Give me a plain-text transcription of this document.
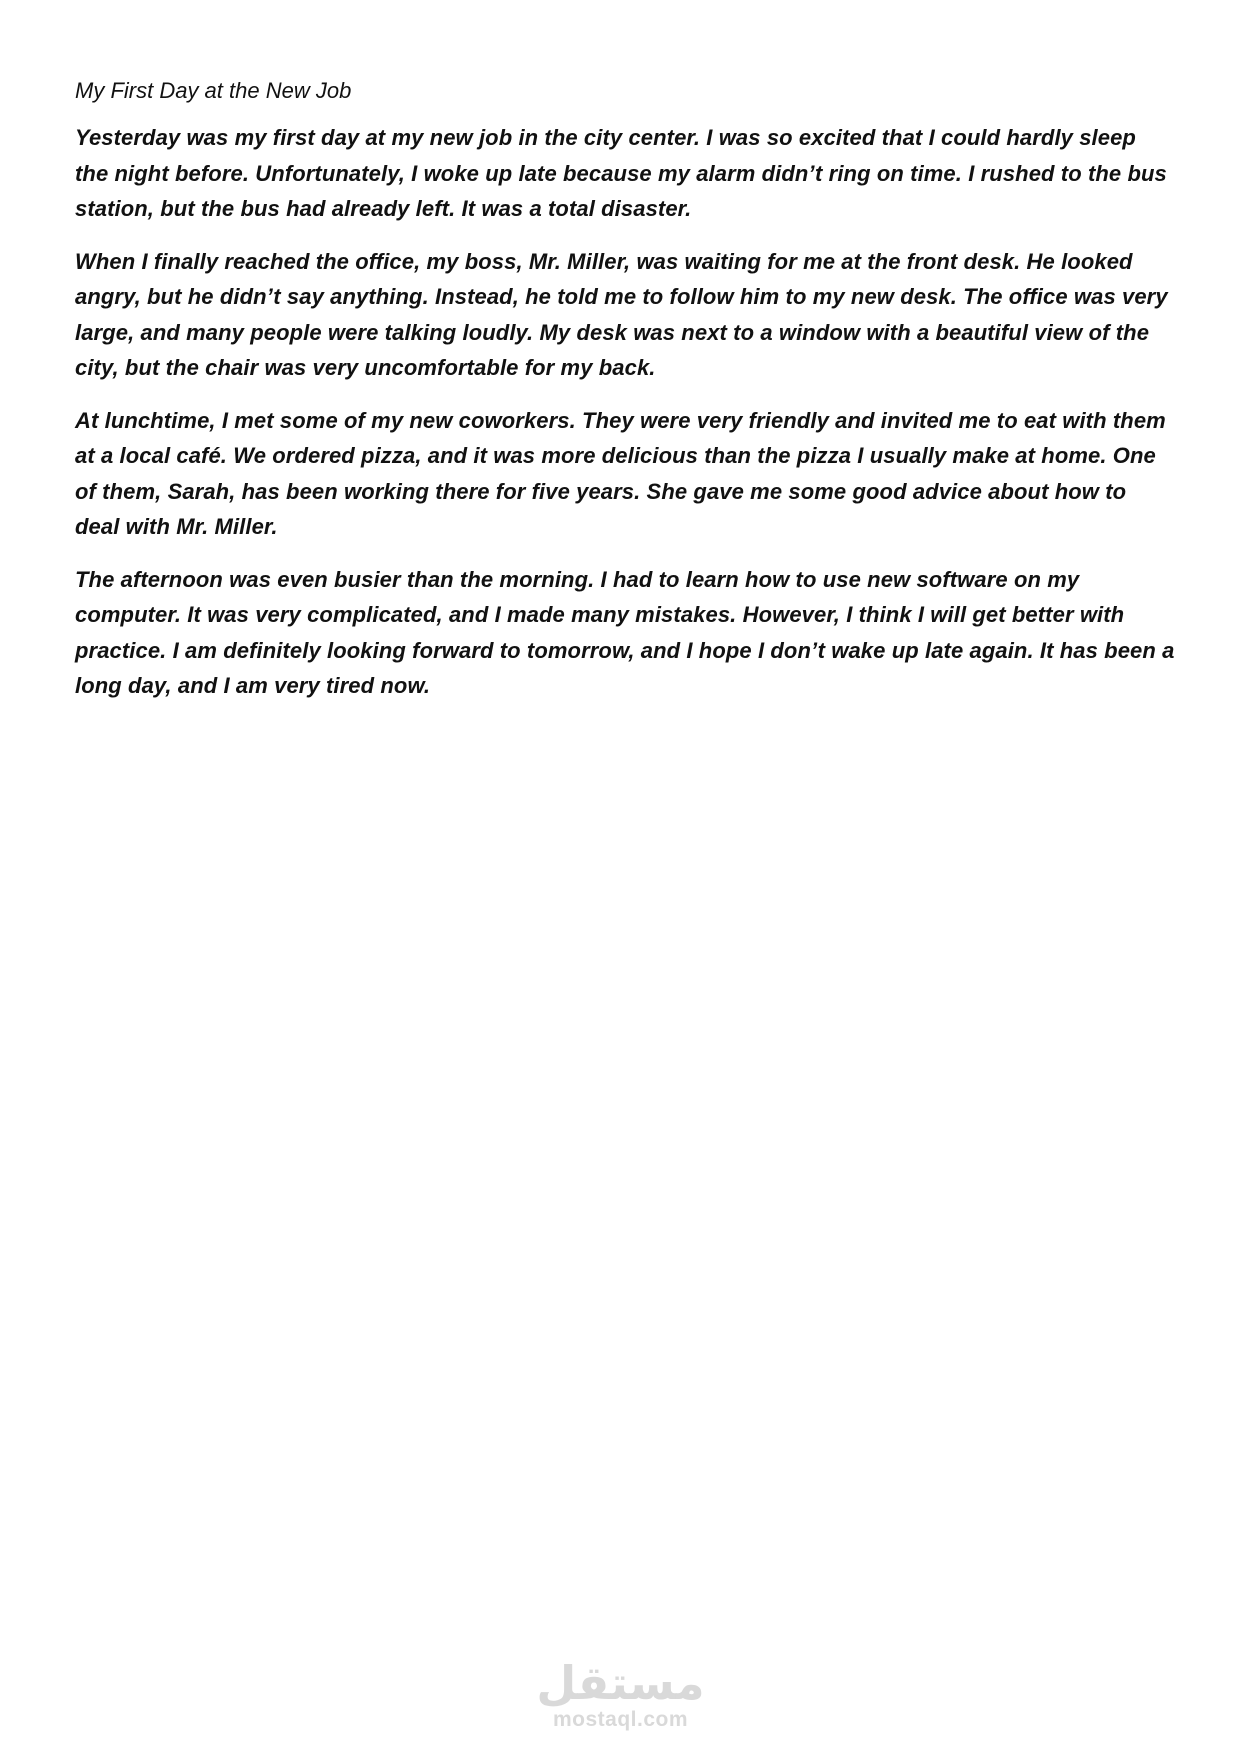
My First Day at the New Job

Yesterday was my first day at my new job in the city center. I was so excited that I could hardly sleep the night before. Unfortunately, I woke up late because my alarm didn’t ring on time. I rushed to the bus station, but the bus had already left. It was a total disaster.

When I finally reached the office, my boss, Mr. Miller, was waiting for me at the front desk. He looked angry, but he didn’t say anything. Instead, he told me to follow him to my new desk. The office was very large, and many people were talking loudly. My desk was next to a window with a beautiful view of the city, but the chair was very uncomfortable for my back.

At lunchtime, I met some of my new coworkers. They were very friendly and invited me to eat with them at a local café. We ordered pizza, and it was more delicious than the pizza I usually make at home. One of them, Sarah, has been working there for five years. She gave me some good advice about how to deal with Mr. Miller.

The afternoon was even busier than the morning. I had to learn how to use new software on my computer. It was very complicated, and I made many mistakes. However, I think I will get better with practice. I am definitely looking forward to tomorrow, and I hope I don’t wake up late again. It has been a long day, and I am very tired now.

مستقل
mostaql.com
